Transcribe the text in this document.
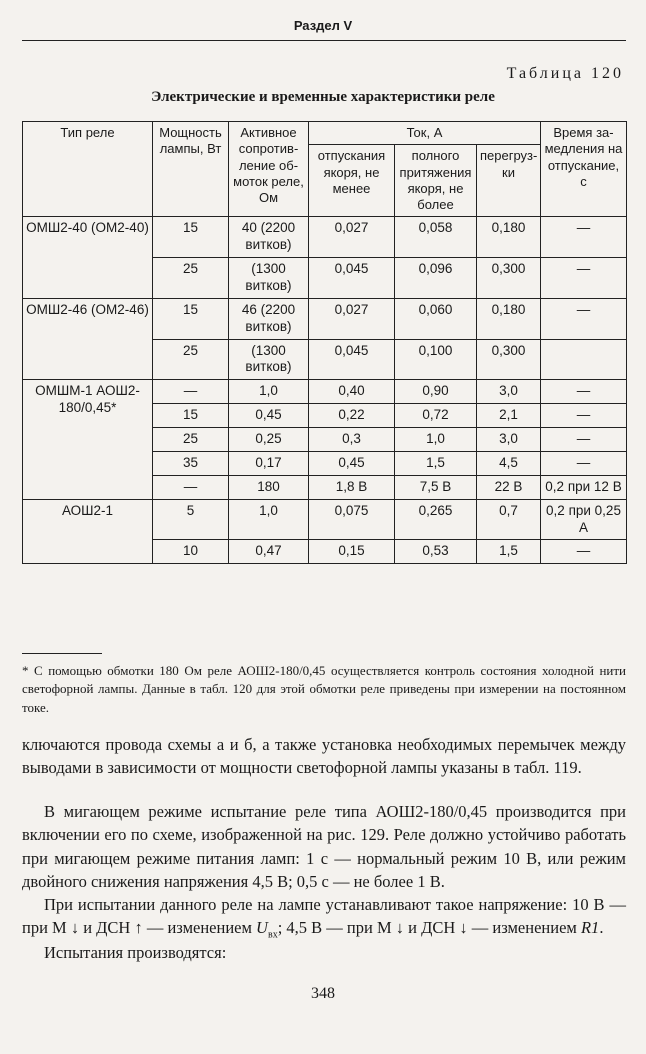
Раздел V
Таблица 120
Электрические и временные характеристики реле
Тип реле	Мощность лампы, Вт	Активное сопротивление обмоток реле, Ом	Ток, А			Время замедления на отпускание, с
			отпускания якоря, не менее	полного притяжения якоря, не более	перегрузки	
ОМШ2-40 (ОМ2-40)	15	40 (2200 витков)	0,027	0,058	0,180	—
	25	(1300 витков)	0,045	0,096	0,300	—
ОМШ2-46 (ОМ2-46)	15	46 (2200 витков)	0,027	0,060	0,180	—
	25	(1300 витков)	0,045	0,100	0,300	
ОМШМ-1 АОШ2-180/0,45*	—	1,0	0,40	0,90	3,0	—
	15	0,45	0,22	0,72	2,1	—
	25	0,25	0,3	1,0	3,0	—
	35	0,17	0,45	1,5	4,5	—
	—	180	1,8 В	7,5 В	22 В	0,2 при 12 В
АОШ2-1	5	1,0	0,075	0,265	0,7	0,2 при 0,25 А
	10	0,47	0,15	0,53	1,5	—
* С помощью обмотки 180 Ом реле АОШ2-180/0,45 осуществляется контроль состояния холодной нити светофорной лампы. Данные в табл. 120 для этой обмотки реле приведены при измерении на постоянном токе.

ключаются провода схемы а и б, а также установка необходимых перемычек между выводами в зависимости от мощности светофорной лампы указаны в табл. 119.

В мигающем режиме испытание реле типа АОШ2-180/0,45 производится при включении его по схеме, изображенной на рис. 129. Реле должно устойчиво работать при мигающем режиме питания ламп: 1 с — нормальный режим 10 В, или режим двойного снижения напряжения 4,5 В; 0,5 с — не более 1 В.

При испытании данного реле на лампе устанавливают такое напряжение: 10 В — при М ↓ и ДСН ↑ — изменением $U_{вх}$; 4,5 В — при М ↓ и ДСН ↓ — изменением R1.

Испытания производятся:

348
